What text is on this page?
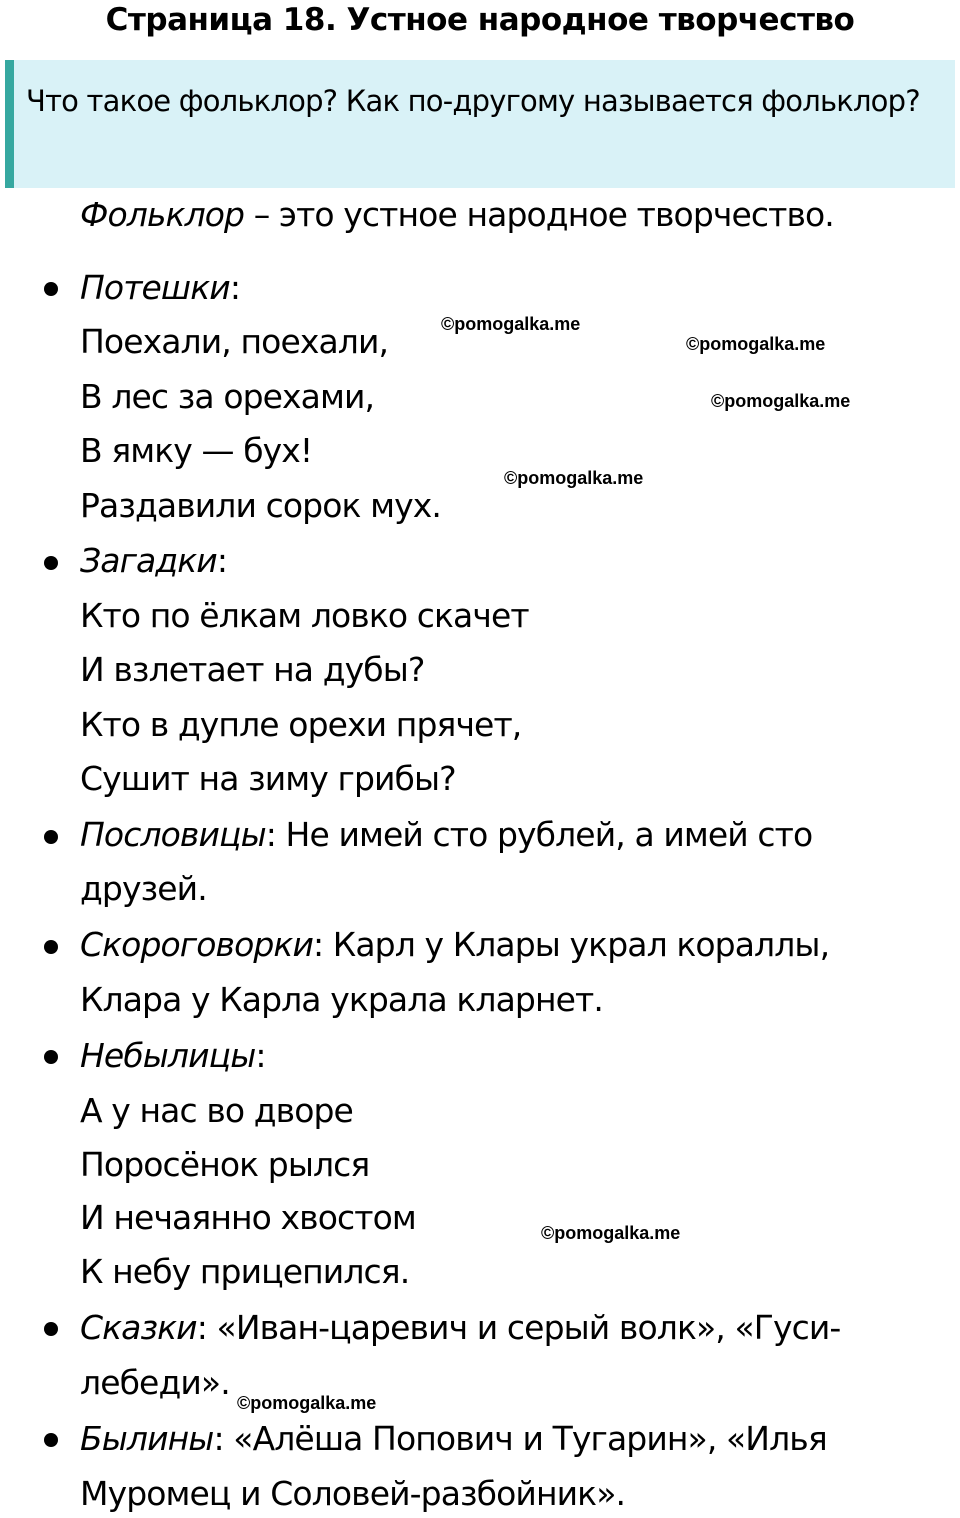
Страница 18. Устное народное творчество
Что такое фольклор? Как по-другому называется фольклор?
Фольклор – это устное народное творчество.
Потешки:
Поехали, поехали,
В лес за орехами,
В ямку — бух!
Раздавили сорок мух.
Загадки:
Кто по ёлкам ловко скачет
И взлетает на дубы?
Кто в дупле орехи прячет,
Сушит на зиму грибы?
Пословицы: Не имей сто рублей, а имей сто
друзей.
Скороговорки: Карл у Клары украл кораллы,
Клара у Карла украла кларнет.
Небылицы:
А у нас во дворе
Поросёнок рылся
И нечаянно хвостом
К небу прицепился.
Сказки: «Иван-царевич и серый волк», «Гуси-
лебеди».
Былины: «Алёша Попович и Тугарин», «Илья
Муромец и Соловей-разбойник».
©pomogalka.me
©pomogalka.me
©pomogalka.me
©pomogalka.me
©pomogalka.me
©pomogalka.me
